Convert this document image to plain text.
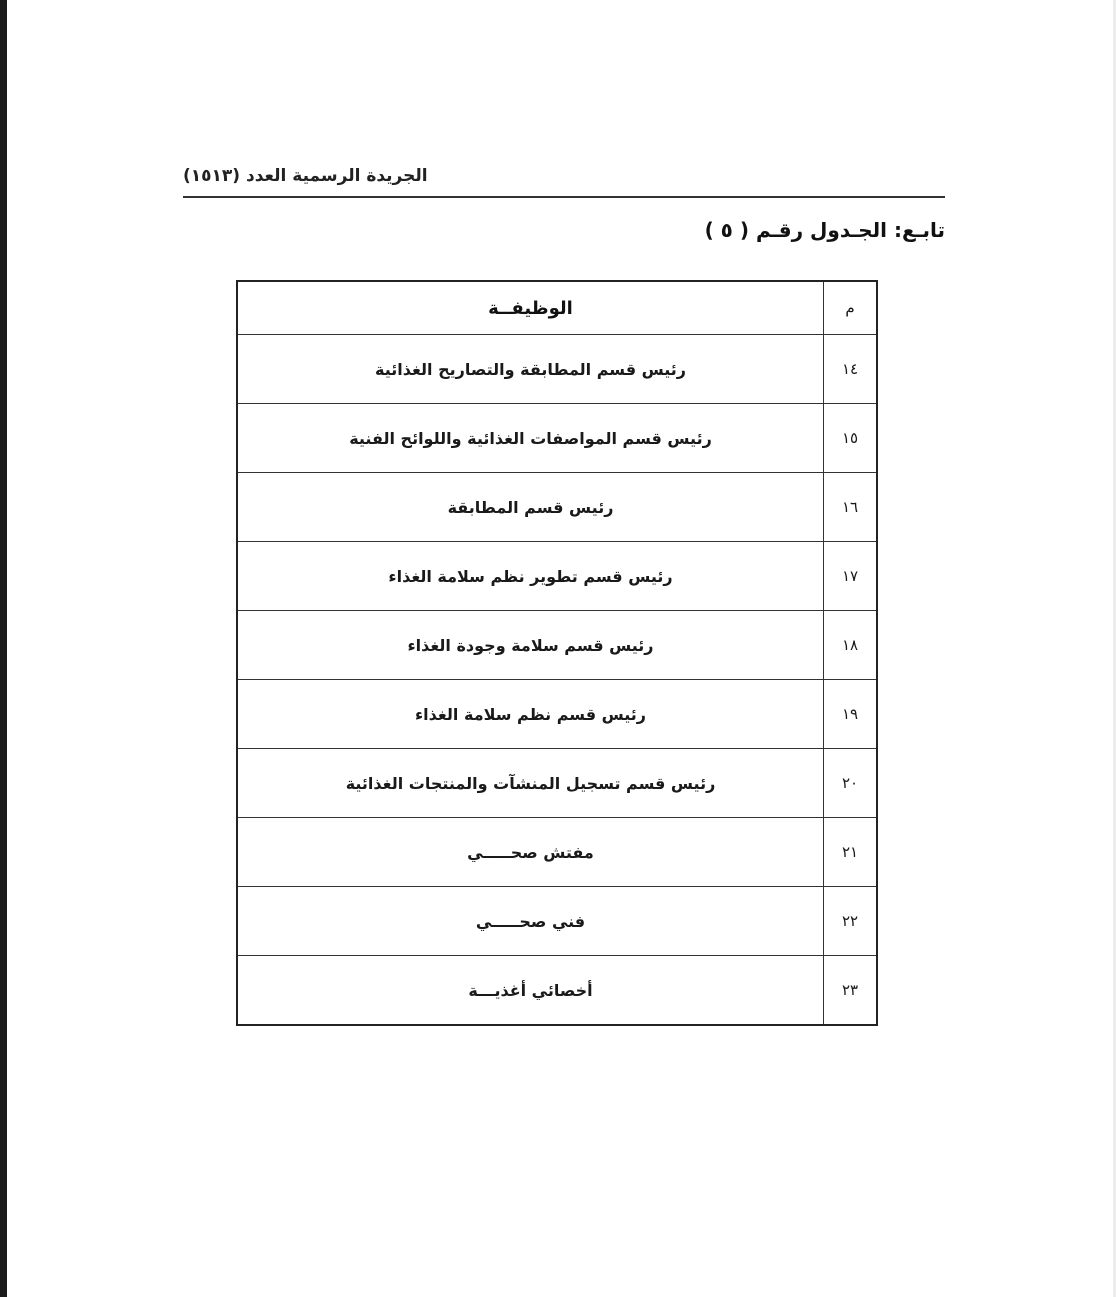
الجريدة الرسمية العدد (١٥١٣)
تابـع: الجـدول رقـم ( ٥ )
م	الوظيفــة
١٤	رئيس قسم المطابقة والتصاريح الغذائية
١٥	رئيس قسم المواصفات الغذائية واللوائح الفنية
١٦	رئيس قسم المطابقة
١٧	رئيس قسم تطوير نظم سلامة الغذاء
١٨	رئيس قسم سلامة وجودة الغذاء
١٩	رئيس قسم نظم سلامة الغذاء
٢٠	رئيس قسم تسجيل المنشآت والمنتجات الغذائية
٢١	مفتش صحـــــي
٢٢	فني صحـــــي
٢٣	أخصائي أغذيـــة
